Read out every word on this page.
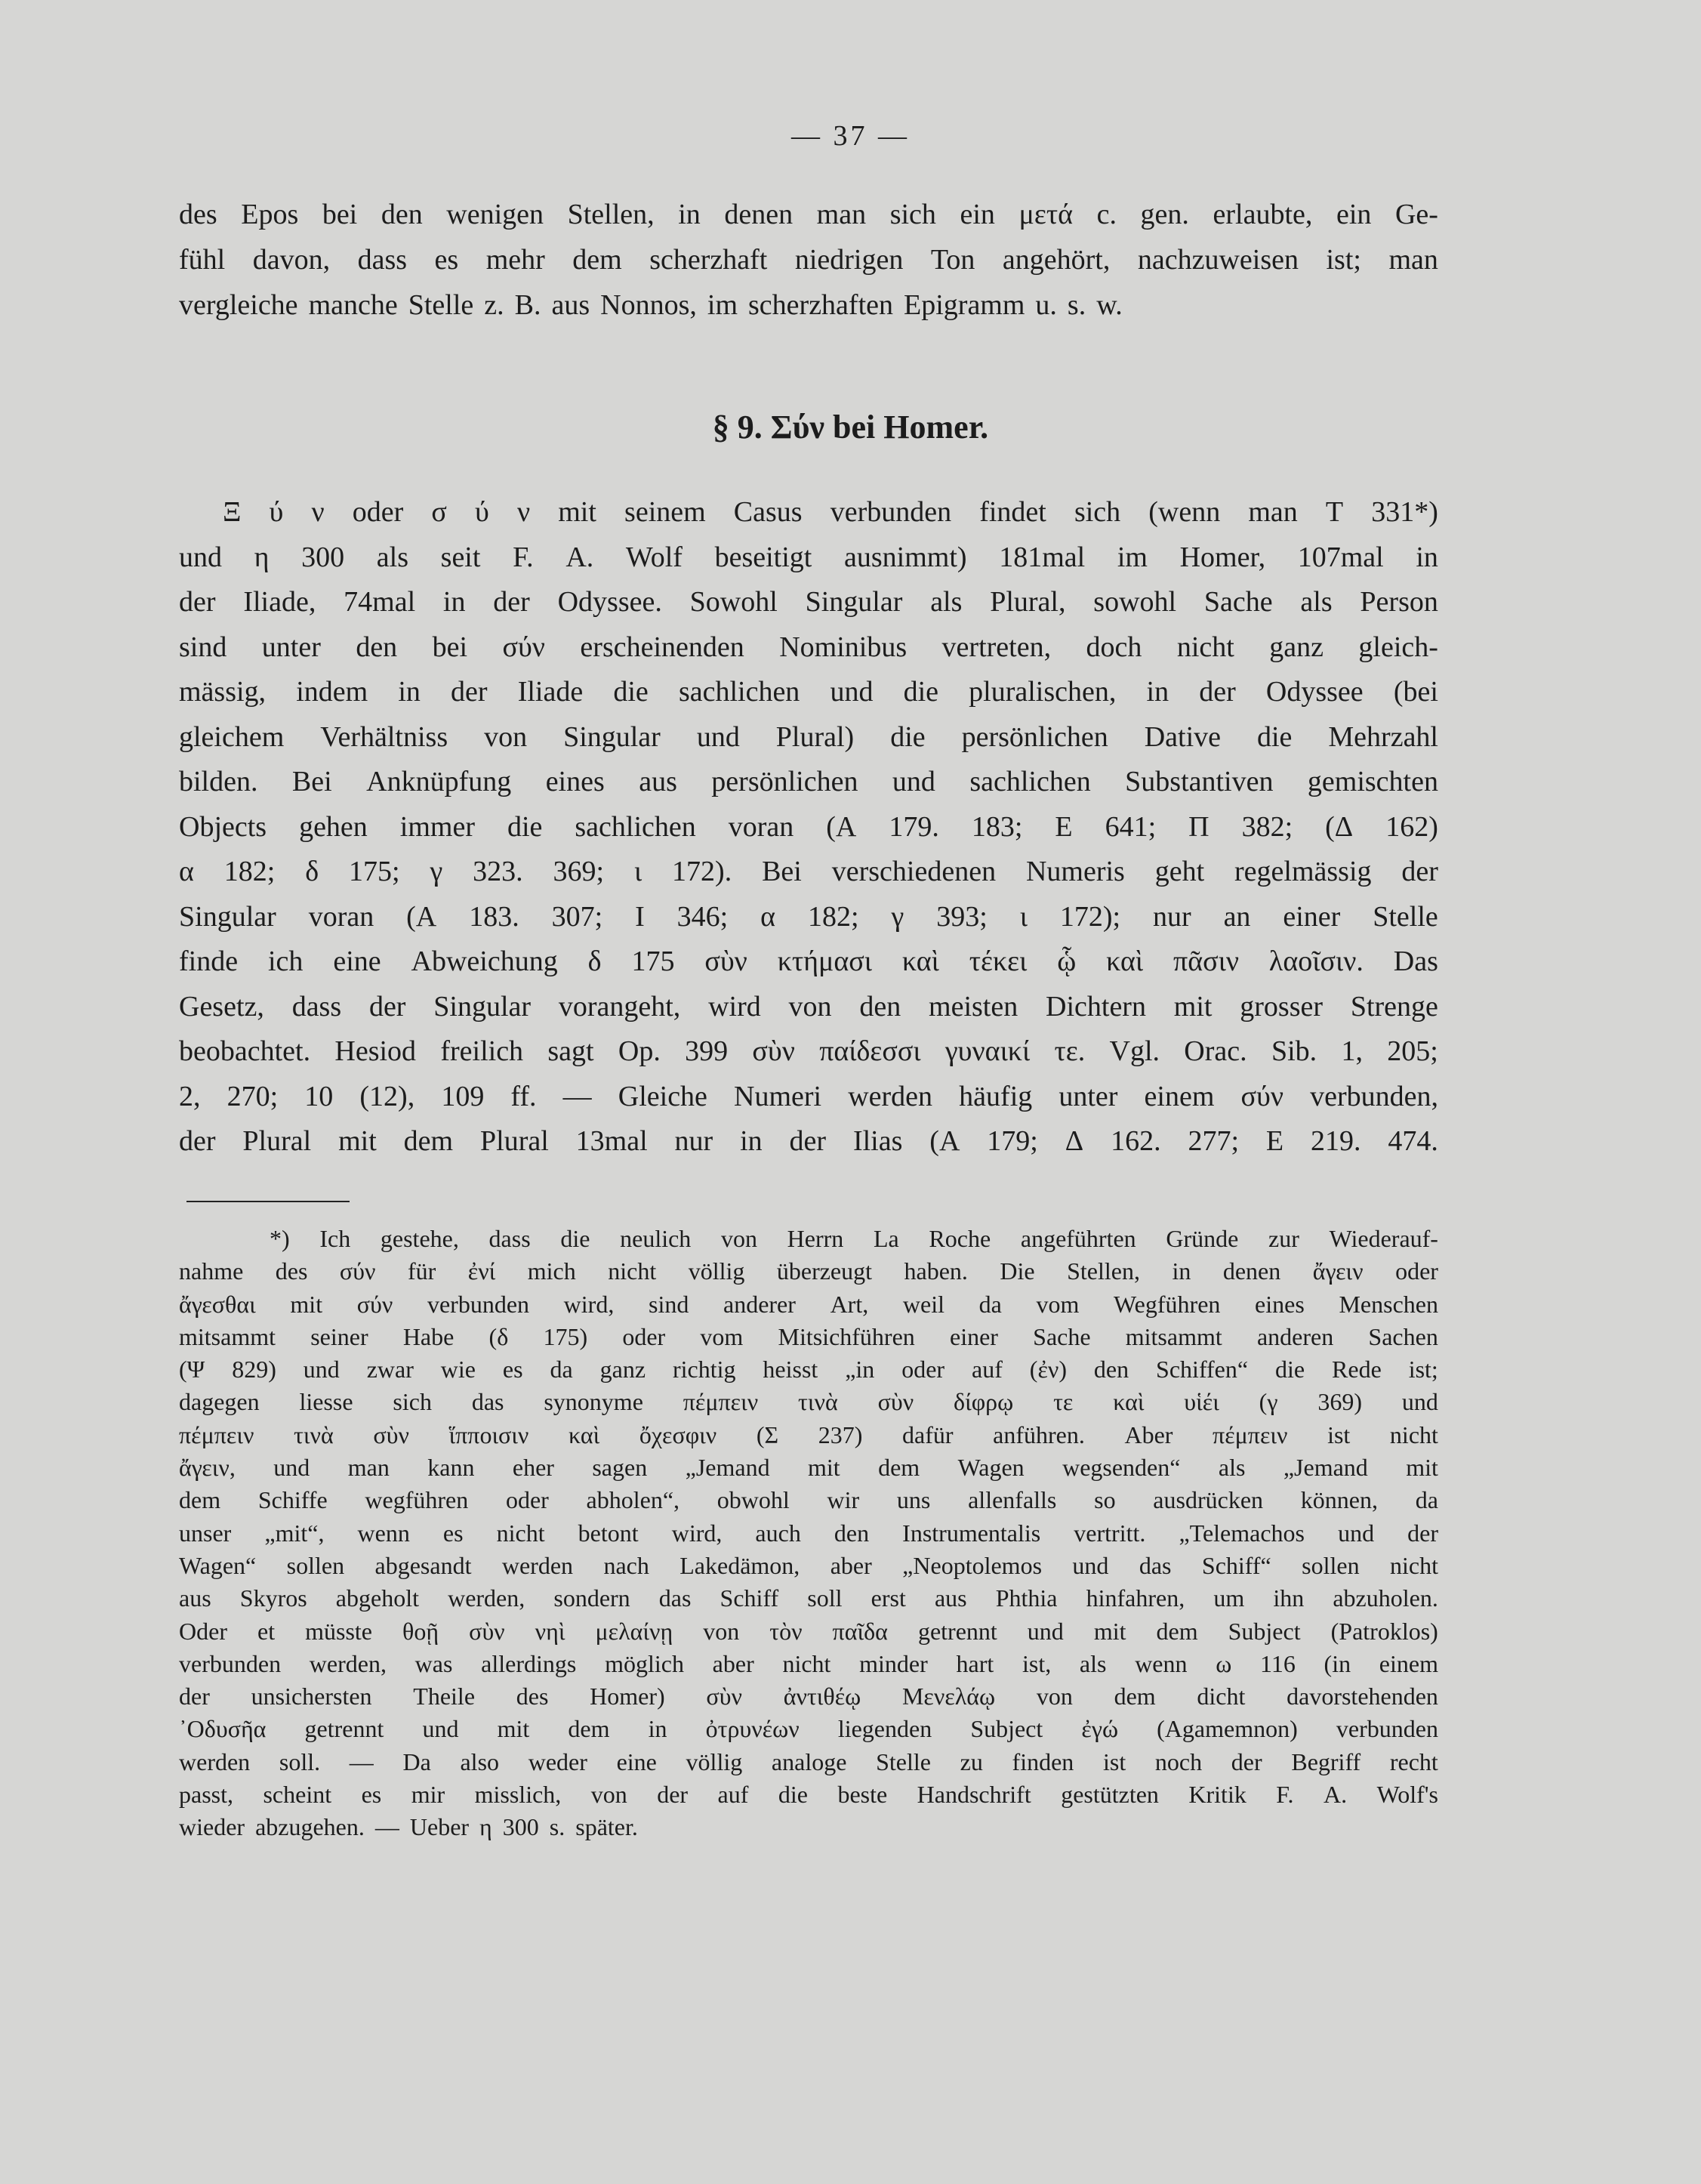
— 37 —
des Epos bei den wenigen Stellen, in denen man sich ein μετά c. gen. erlaubte, ein Ge-
fühl davon, dass es mehr dem scherzhaft niedrigen Ton angehört, nachzuweisen ist; man
vergleiche manche Stelle z. B. aus Nonnos, im scherzhaften Epigramm u. s. w.
§ 9. Σύν bei Homer.
Ξ ύ ν oder σ ύ ν mit seinem Casus verbunden findet sich (wenn man T 331*)
und η 300 als seit F. A. Wolf beseitigt ausnimmt) 181mal im Homer, 107mal in
der Iliade, 74mal in der Odyssee. Sowohl Singular als Plural, sowohl Sache als Person
sind unter den bei σύν erscheinenden Nominibus vertreten, doch nicht ganz gleich-
mässig, indem in der Iliade die sachlichen und die pluralischen, in der Odyssee (bei
gleichem Verhältniss von Singular und Plural) die persönlichen Dative die Mehrzahl
bilden. Bei Anknüpfung eines aus persönlichen und sachlichen Substantiven gemischten
Objects gehen immer die sachlichen voran (Α 179. 183; Ε 641; Π 382; (Δ 162)
α 182; δ 175; γ 323. 369; ι 172). Bei verschiedenen Numeris geht regelmässig der
Singular voran (Α 183. 307; Ι 346; α 182; γ 393; ι 172); nur an einer Stelle
finde ich eine Abweichung δ 175 σὺν κτήμασι καὶ τέκει ᾧ καὶ πᾶσιν λαοῖσιν. Das
Gesetz, dass der Singular vorangeht, wird von den meisten Dichtern mit grosser Strenge
beobachtet. Hesiod freilich sagt Op. 399 σὺν παίδεσσι γυναικί τε. Vgl. Orac. Sib. 1, 205;
2, 270; 10 (12), 109 ff. — Gleiche Numeri werden häufig unter einem σύν verbunden,
der Plural mit dem Plural 13mal nur in der Ilias (Α 179; Δ 162. 277; Ε 219. 474.
*) Ich gestehe, dass die neulich von Herrn La Roche angeführten Gründe zur Wiederauf-
nahme des σύν für ἐνί mich nicht völlig überzeugt haben. Die Stellen, in denen ἄγειν oder
ἄγεσθαι mit σύν verbunden wird, sind anderer Art, weil da vom Wegführen eines Menschen
mitsammt seiner Habe (δ 175) oder vom Mitsichführen einer Sache mitsammt anderen Sachen
(Ψ 829) und zwar wie es da ganz richtig heisst „in oder auf (ἐν) den Schiffen“ die Rede ist;
dagegen liesse sich das synonyme πέμπειν τινὰ σὺν δίφρῳ τε καὶ υἱέι (γ 369) und
πέμπειν τινὰ σὺν ἵπποισιν καὶ ὄχεσφιν (Σ 237) dafür anführen. Aber πέμπειν ist nicht
ἄγειν, und man kann eher sagen „Jemand mit dem Wagen wegsenden“ als „Jemand mit
dem Schiffe wegführen oder abholen“, obwohl wir uns allenfalls so ausdrücken können, da
unser „mit“, wenn es nicht betont wird, auch den Instrumentalis vertritt. „Telemachos und der
Wagen“ sollen abgesandt werden nach Lakedämon, aber „Neoptolemos und das Schiff“ sollen nicht
aus Skyros abgeholt werden, sondern das Schiff soll erst aus Phthia hinfahren, um ihn abzuholen.
Oder et müsste θοῇ σὺν νηὶ μελαίνῃ von τὸν παῖδα getrennt und mit dem Subject (Patroklos)
verbunden werden, was allerdings möglich aber nicht minder hart ist, als wenn ω 116 (in einem
der unsichersten Theile des Homer) σὺν ἀντιθέῳ Μενελάῳ von dem dicht davorstehenden
᾿Οδυσῆα getrennt und mit dem in ὀτρυνέων liegenden Subject ἐγώ (Agamemnon) verbunden
werden soll. — Da also weder eine völlig analoge Stelle zu finden ist noch der Begriff recht
passt, scheint es mir misslich, von der auf die beste Handschrift gestützten Kritik F. A. Wolf's
wieder abzugehen. — Ueber η 300 s. später.
